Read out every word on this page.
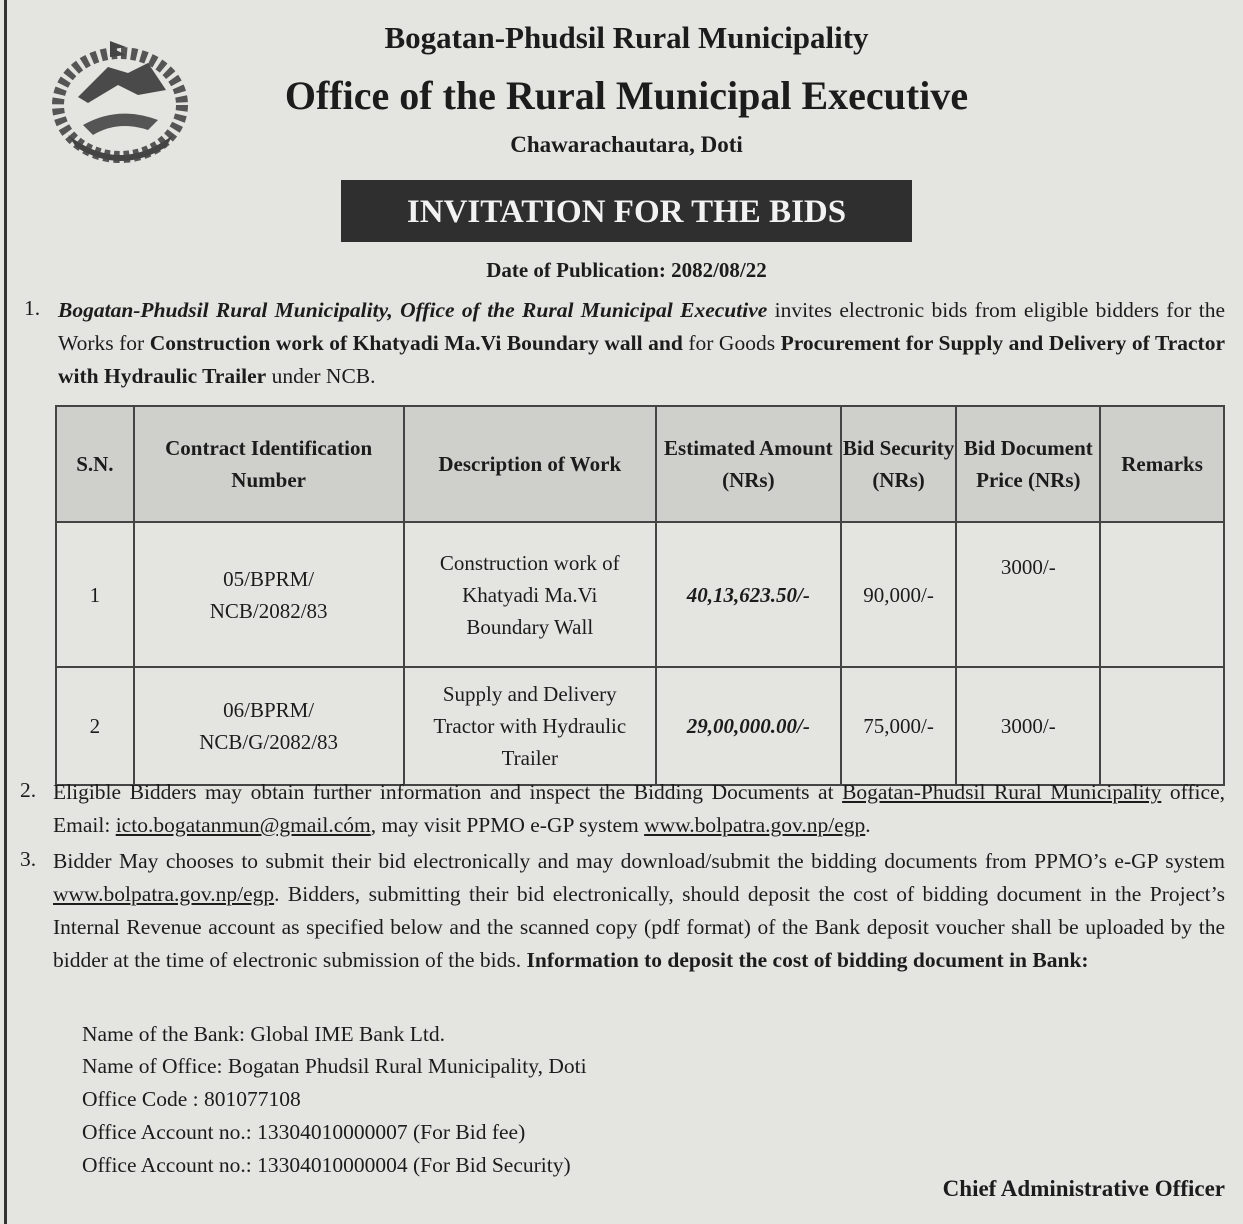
Bogatan-Phudsil Rural Municipality
Office of the Rural Municipal Executive
Chawarachautara, Doti
INVITATION FOR THE BIDS
Date of Publication: 2082/08/22
1. Bogatan-Phudsil Rural Municipality, Office of the Rural Municipal Executive invites electronic bids from eligible bidders for the Works for Construction work of Khatyadi Ma.Vi Boundary wall and for Goods Procurement for Supply and Delivery of Tractor with Hydraulic Trailer under NCB.
S.N.	Contract Identification Number	Description of Work	Estimated Amount (NRs)	Bid Security (NRs)	Bid Document Price (NRs)	Remarks
1	05/BPRM/ NCB/2082/83	Construction work of Khatyadi Ma.Vi Boundary Wall	40,13,623.50/-	90,000/-	3000/-	
2	06/BPRM/ NCB/G/2082/83	Supply and Delivery Tractor with Hydraulic Trailer	29,00,000.00/-	75,000/-	3000/-	
2. Eligible Bidders may obtain further information and inspect the Bidding Documents at Bogatan-Phudsil Rural Municipality office, Email: icto.bogatanmun@gmail.cóm, may visit PPMO e-GP system www.bolpatra.gov.np/egp.
3. Bidder May chooses to submit their bid electronically and may download/submit the bidding documents from PPMO’s e-GP system www.bolpatra.gov.np/egp. Bidders, submitting their bid electronically, should deposit the cost of bidding document in the Project’s Internal Revenue account as specified below and the scanned copy (pdf format) of the Bank deposit voucher shall be uploaded by the bidder at the time of electronic submission of the bids. Information to deposit the cost of bidding document in Bank:
Name of the Bank: Global IME Bank Ltd.
Name of Office: Bogatan Phudsil Rural Municipality, Doti
Office Code : 801077108
Office Account no.: 13304010000007 (For Bid fee)
Office Account no.: 13304010000004 (For Bid Security)
Chief Administrative Officer
